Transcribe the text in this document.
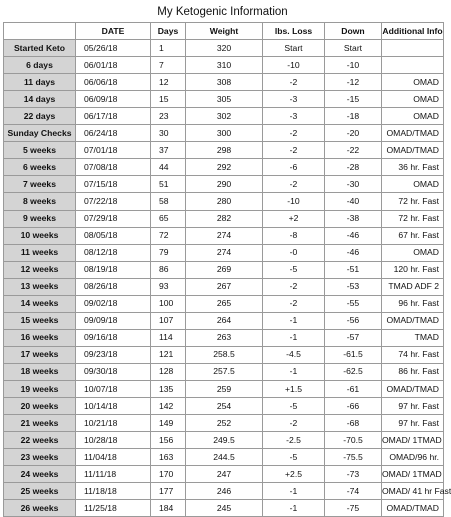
My Ketogenic Information
	DATE	Days	Weight	lbs. Loss	Down	Additional Info
Started Keto	05/26/18	1	320	Start	Start	
6 days	06/01/18	7	310	-10	-10	
11 days	06/06/18	12	308	-2	-12	OMAD
14 days	06/09/18	15	305	-3	-15	OMAD
22 days	06/17/18	23	302	-3	-18	OMAD
Sunday Checks	06/24/18	30	300	-2	-20	OMAD/TMAD
5 weeks	07/01/18	37	298	-2	-22	OMAD/TMAD
6 weeks	07/08/18	44	292	-6	-28	36 hr. Fast
7 weeks	07/15/18	51	290	-2	-30	OMAD
8 weeks	07/22/18	58	280	-10	-40	72 hr. Fast
9 weeks	07/29/18	65	282	+2	-38	72 hr. Fast
10 weeks	08/05/18	72	274	-8	-46	67 hr. Fast
11 weeks	08/12/18	79	274	-0	-46	OMAD
12 weeks	08/19/18	86	269	-5	-51	120 hr. Fast
13 weeks	08/26/18	93	267	-2	-53	TMAD ADF 2
14 weeks	09/02/18	100	265	-2	-55	96 hr. Fast
15 weeks	09/09/18	107	264	-1	-56	OMAD/TMAD
16 weeks	09/16/18	114	263	-1	-57	TMAD
17 weeks	09/23/18	121	258.5	-4.5	-61.5	74 hr. Fast
18 weeks	09/30/18	128	257.5	-1	-62.5	86 hr. Fast
19 weeks	10/07/18	135	259	+1.5	-61	OMAD/TMAD
20 weeks	10/14/18	142	254	-5	-66	97 hr. Fast
21 weeks	10/21/18	149	252	-2	-68	97 hr. Fast
22 weeks	10/28/18	156	249.5	-2.5	-70.5	OMAD/ 1TMAD
23 weeks	11/04/18	163	244.5	-5	-75.5	OMAD/96 hr.
24 weeks	11/11/18	170	247	+2.5	-73	OMAD/ 1TMAD
25 weeks	11/18/18	177	246	-1	-74	OMAD/ 41 hr Fast
26 weeks	11/25/18	184	245	-1	-75	OMAD/TMAD
